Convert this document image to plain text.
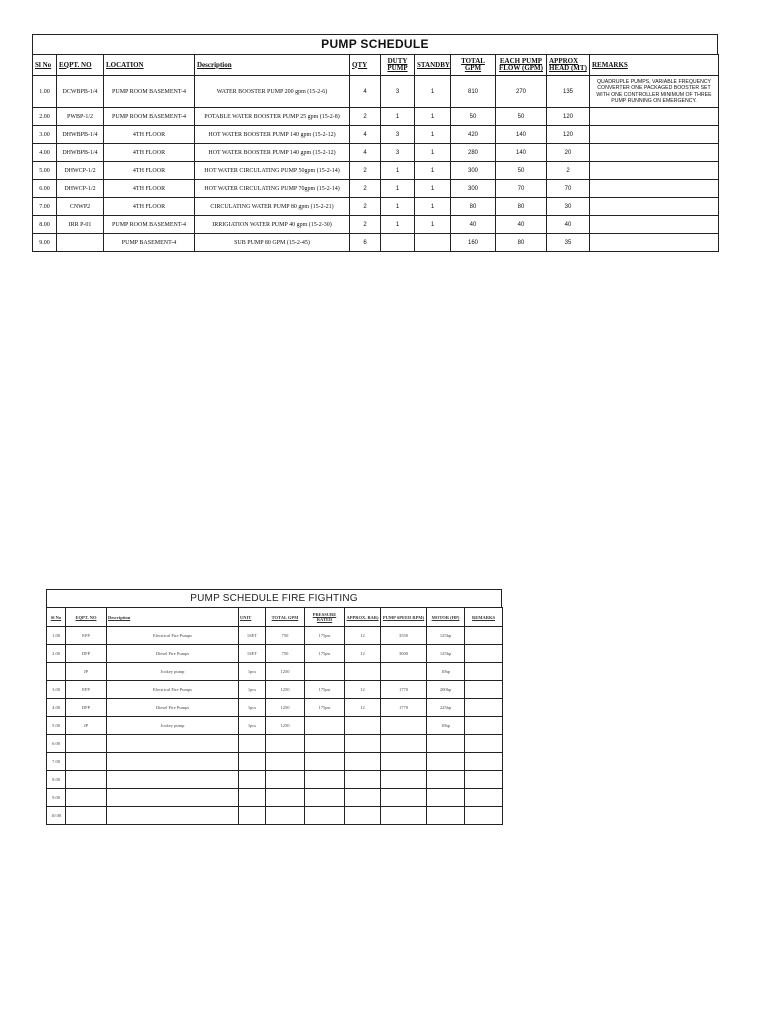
PUMP SCHEDULE
Sl No	EQPT. NO	LOCATION	Description	QTY	DUTY PUMP	STANDBY	TOTAL GPM	EACH PUMP FLOW (GPM)	APPROX HEAD (MT)	REMARKS
1.00	DCWBPB-1/4	PUMP ROOM BASEMENT-4	WATER BOOSTER PUMP 200 gpm (15-2-6)	4	3	1	810	270	135	QUADRUPLE PUMPS, VARIABLE FREQUENCY CONVERTER ONE PACKAGED BOOSTER SET WITH ONE CONTROLLER MINIMUM OF THREE PUMP RUNNING ON EMERGENCY.
2.00	PWBP-1/2	PUMP ROOM BASEMENT-4	POTABLE WATER BOOSTER PUMP 25 gpm (15-2-8)	2	1	1	50	50	120	
3.00	DHWBPB-1/4	4TH FLOOR	HOT WATER BOOSTER PUMP 140 gpm (15-2-12)	4	3	1	420	140	120	
4.00	DHWBPB-1/4	4TH FLOOR	HOT WATER BOOSTER PUMP 140 gpm (15-2-12)	4	3	1	280	140	20	
5.00	DHWCP-1/2	4TH FLOOR	HOT WATER CIRCULATING PUMP 50gpm (15-2-14)	2	1	1	300	50	2	
6.00	DHWCP-1/2	4TH FLOOR	HOT WATER CIRCULATING PUMP 70gpm (15-2-14)	2	1	1	300	70	70	
7.00	CNWP2	4TH FLOOR	CIRCULATING WATER PUMP 80 gpm (15-2-21)	2	1	1	80	80	30	
8.00	IRR P-01	PUMP ROOM BASEMENT-4	IRRIGIATION WATER PUMP 40 gpm (15-2-30)	2	1	1	40	40	40	
9.00		PUMP BASEMENT-4	SUB PUMP 80 GPM (15-2-45)	6			160	80	35	
PUMP SCHEDULE FIRE FIGHTING
Sl No	EQPT. NO	Description	UNIT	TOTAL GPM	PRESSURE RATED	APPROX. BAR)	PUMP SPEED RPM)	MOTOR (HP)	REMARKS
1.00	EFP	Electrical Fire Pumps	1SET	750	175psi	12	3550	125hp	
2.00	DFP	Diesel Fire Pumps	1SET	750	175psi	12	3000	125hp	
	JP	Jockey pump	1pcs	1250				10hp	
3.00	EFP	Electrical Fire Pumps	1pcs	1250	175psi	12	1770	200hp	
4.00	DFP	Diesel Fire Pumps	1pcs	1250	175psi	12	1770	225hp	
5.00	JP	Jockey pump	1pcs	1250				10hp	
6.00									
7.00									
8.00									
9.00									
10.00									
